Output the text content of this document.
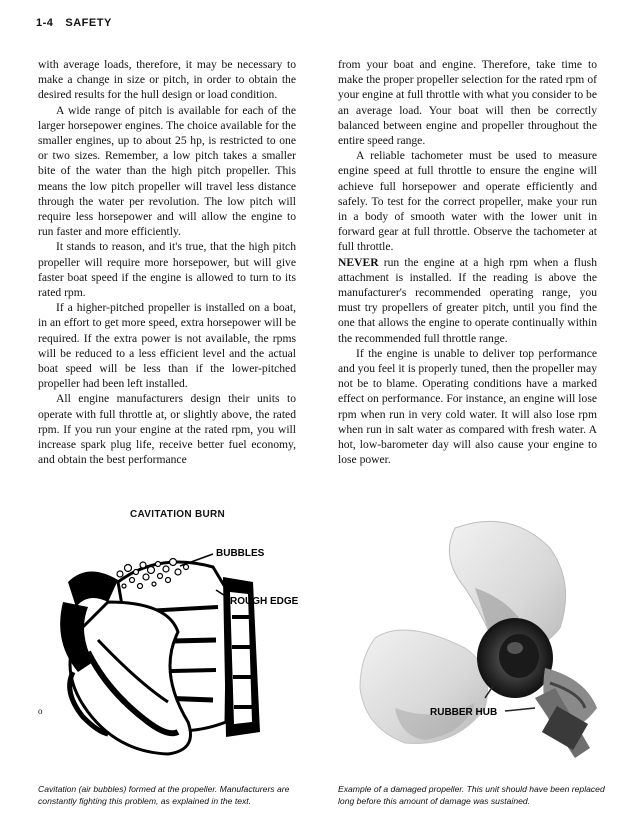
1-4 SAFETY

with average loads, therefore, it may be necessary to make a change in size or pitch, in order to obtain the desired results for the hull design or load condition.

A wide range of pitch is available for each of the larger horsepower engines. The choice available for the smaller engines, up to about 25 hp, is restricted to one or two sizes. Remember, a low pitch takes a smaller bite of the water than the high pitch propeller. This means the low pitch propeller will travel less distance through the water per revolution. The low pitch will require less horsepower and will allow the engine to run faster and more efficiently.

It stands to reason, and it's true, that the high pitch propeller will require more horsepower, but will give faster boat speed if the engine is allowed to turn to its rated rpm.

If a higher-pitched propeller is installed on a boat, in an effort to get more speed, extra horsepower will be required. If the extra power is not available, the rpms will be reduced to a less efficient level and the actual boat speed will be less than if the lower-pitched propeller had been left installed.

All engine manufacturers design their units to operate with full throttle at, or slightly above, the rated rpm. If you run your engine at the rated rpm, you will increase spark plug life, receive better fuel economy, and obtain the best performance

from your boat and engine. Therefore, take time to make the proper propeller selection for the rated rpm of your engine at full throttle with what you consider to be an average load. Your boat will then be correctly balanced between engine and propeller throughout the entire speed range.

A reliable tachometer must be used to measure engine speed at full throttle to ensure the engine will achieve full horsepower and operate efficiently and safely. To test for the correct propeller, make your run in a body of smooth water with the lower unit in forward gear at full throttle. Observe the tachometer at full throttle.

NEVER run the engine at a high rpm when a flush attachment is installed. If the reading is above the manufacturer's recommended operating range, you must try propellers of greater pitch, until you find the one that allows the engine to operate continually within the recommended full throttle range.

If the engine is unable to deliver top performance and you feel it is properly tuned, then the propeller may not be to blame. Operating conditions have a marked effect on performance. For instance, an engine will lose rpm when run in very cold water. It will also lose rpm when run in salt water as compared with fresh water. A hot, low-barometer day will also cause your engine to lose power.

CAVITATION BURN
BUBBLES
ROUGH EDGE
o	RUBBER HUB
Cavitation (air bubbles) formed at the propeller. Manufacturers are constantly fighting this problem, as explained in the text.
Example of a damaged propeller. This unit should have been replaced long before this amount of damage was sustained.
